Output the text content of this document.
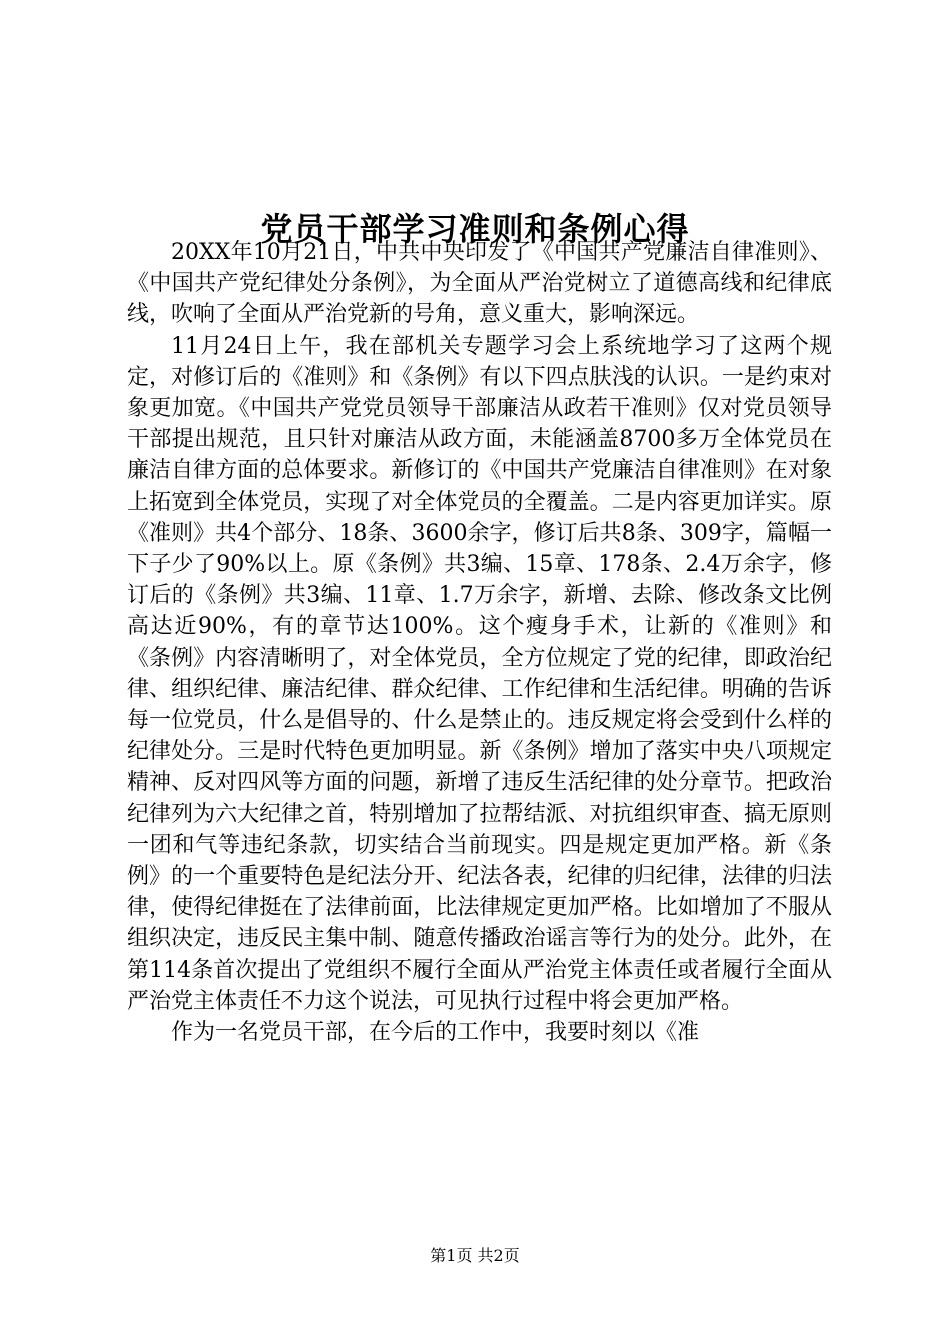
党员干部学习准则和条例心得

20XX年10月21日，中共中央印发了《中国共产党廉洁自律准则》、《中国共产党纪律处分条例》，为全面从严治党树立了道德高线和纪律底线，吹响了全面从严治党新的号角，意义重大，影响深远。

11月24日上午，我在部机关专题学习会上系统地学习了这两个规定，对修订后的《准则》和《条例》有以下四点肤浅的认识。一是约束对象更加宽。《中国共产党党员领导干部廉洁从政若干准则》仅对党员领导干部提出规范，且只针对廉洁从政方面，未能涵盖8700多万全体党员在廉洁自律方面的总体要求。新修订的《中国共产党廉洁自律准则》在对象上拓宽到全体党员，实现了对全体党员的全覆盖。二是内容更加详实。原《准则》共4个部分、18条、3600余字，修订后共8条、309字，篇幅一下子少了90%以上。原《条例》共3编、15章、178条、2.4万余字，修订后的《条例》共3编、11章、1.7万余字，新增、去除、修改条文比例高达近90%，有的章节达100%。这个瘦身手术，让新的《准则》和《条例》内容清晰明了，对全体党员，全方位规定了党的纪律，即政治纪律、组织纪律、廉洁纪律、群众纪律、工作纪律和生活纪律。明确的告诉每一位党员，什么是倡导的、什么是禁止的。违反规定将会受到什么样的纪律处分。三是时代特色更加明显。新《条例》增加了落实中央八项规定精神、反对四风等方面的问题，新增了违反生活纪律的处分章节。把政治纪律列为六大纪律之首，特别增加了拉帮结派、对抗组织审查、搞无原则一团和气等违纪条款，切实结合当前现实。四是规定更加严格。新《条例》的一个重要特色是纪法分开、纪法各表，纪律的归纪律，法律的归法律，使得纪律挺在了法律前面，比法律规定更加严格。比如增加了不服从组织决定，违反民主集中制、随意传播政治谣言等行为的处分。此外，在第114条首次提出了党组织不履行全面从严治党主体责任或者履行全面从严治党主体责任不力这个说法，可见执行过程中将会更加严格。

作为一名党员干部，在今后的工作中，我要时刻以《准

第1页 共2页
